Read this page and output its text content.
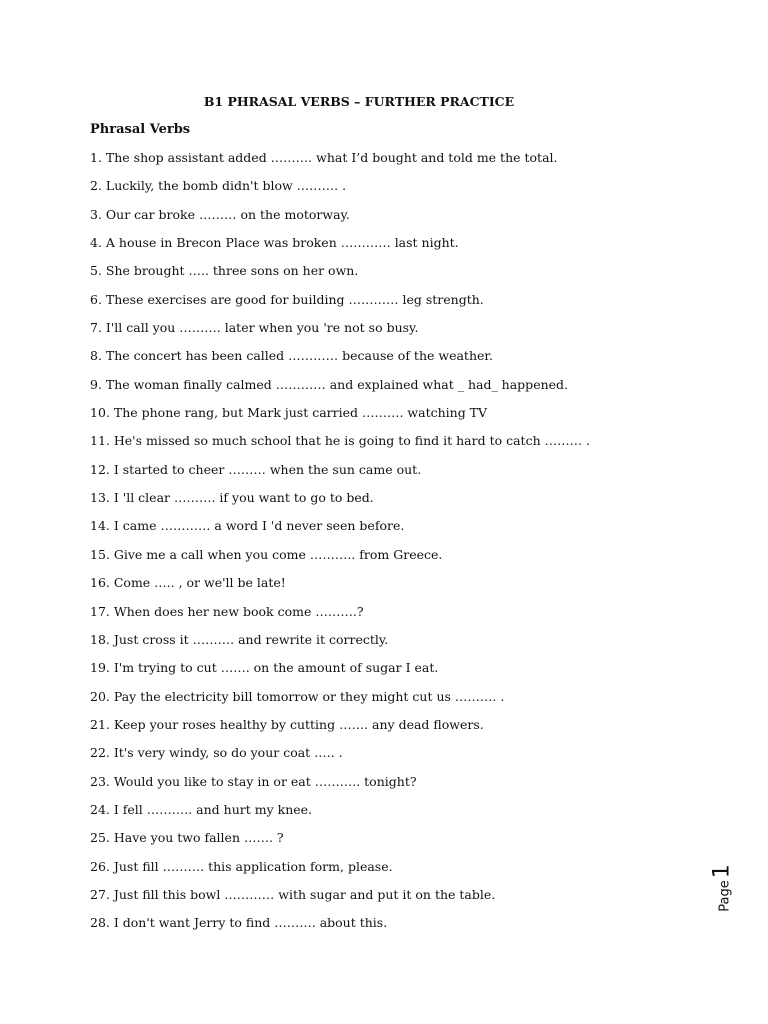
B1 PHRASAL VERBS – FURTHER PRACTICE
Phrasal Verbs
1. The shop assistant added ………. what I’d bought and told me the total.
2. Luckily, the bomb didn't blow ………. .
3. Our car broke ……… on the motorway.
4. A house in Brecon Place was broken ………… last night.
5. She brought ….. three sons on her own.
6. These exercises are good for building ………… leg strength.
7. I'll call you ………. later when you 're not so busy.
8. The concert has been called ………… because of the weather.
9. The woman finally calmed ………… and explained what _ had_ happened.
10. The phone rang, but Mark just carried ………. watching TV
11. He's missed so much school that he is going to find it hard to catch ……… .
12. I started to cheer ……… when the sun came out.
13. I 'll clear ………. if you want to go to bed.
14. I came ………… a word I 'd never seen before.
15. Give me a call when you come ……….. from Greece.
16. Come ….. , or we'll be late!
17. When does her new book come ……….?
18. Just cross it ………. and rewrite it correctly.
19. I'm trying to cut ……. on the amount of sugar I eat.
20. Pay the electricity bill tomorrow or they might cut us ………. .
21. Keep your roses healthy by cutting ……. any dead flowers.
22. It's very windy, so do your coat ….. .
23. Would you like to stay in or eat ……….. tonight?
24. I fell ……….. and hurt my knee.
25. Have you two fallen ……. ?
26. Just fill ………. this application form, please.
27. Just fill this bowl ………… with sugar and put it on the table.
28. I don't want Jerry to find ………. about this.
Page1
